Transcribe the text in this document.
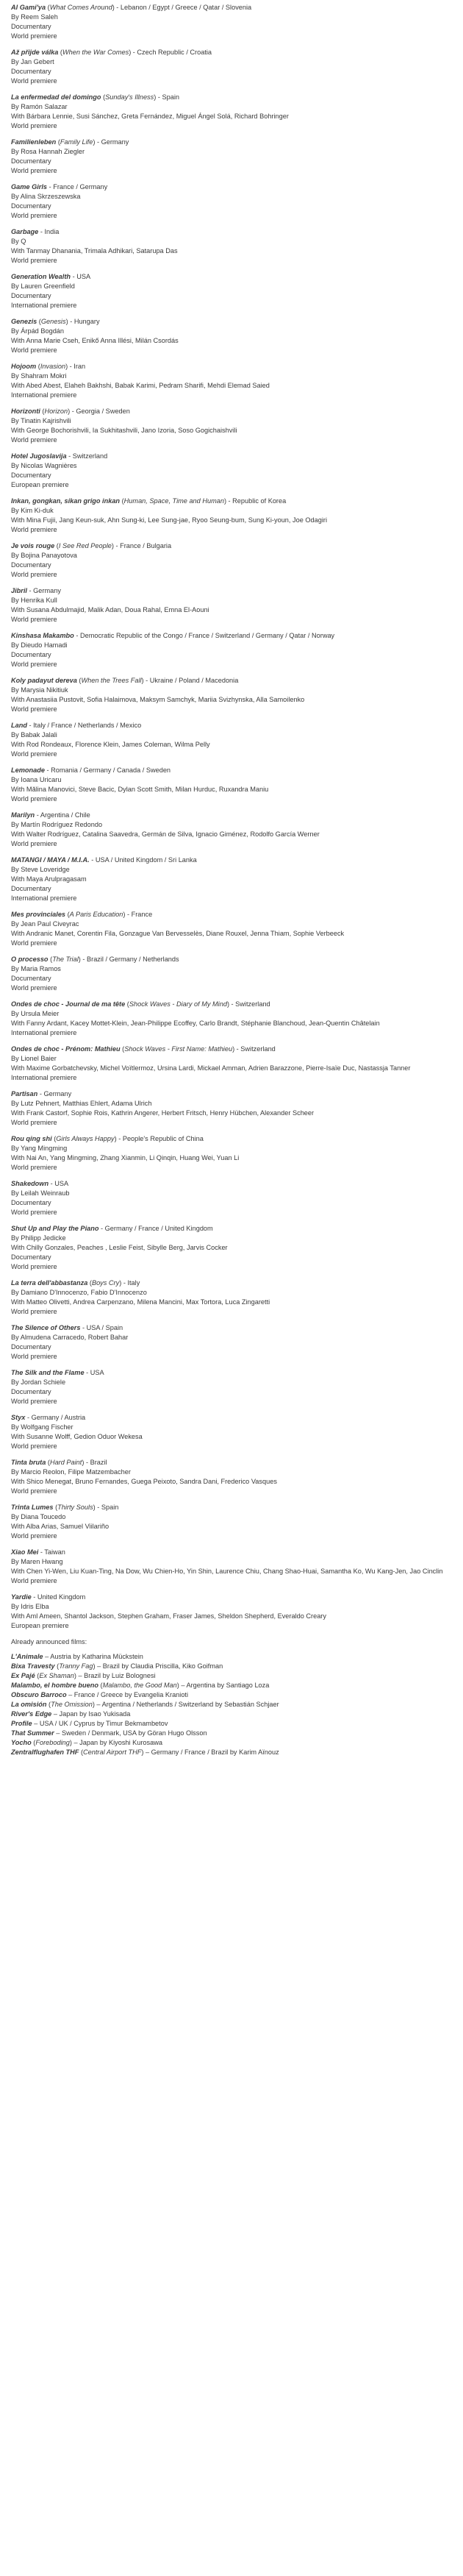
Al Gami'ya (What Comes Around) - Lebanon / Egypt / Greece / Qatar / Slovenia
By Reem Saleh
Documentary
World premiere
Až přijde válka (When the War Comes) - Czech Republic / Croatia
By Jan Gebert
Documentary
World premiere
La enfermedad del domingo (Sunday's Illness) - Spain
By Ramón Salazar
With Bárbara Lennie, Susi Sánchez, Greta Fernández, Miguel Ángel Solá, Richard Bohringer
World premiere
Familienleben (Family Life) - Germany
By Rosa Hannah Ziegler
Documentary
World premiere
Game Girls - France / Germany
By Alina Skrzeszewska
Documentary
World premiere
Garbage - India
By Q
With Tanmay Dhanania, Trimala Adhikari, Satarupa Das
World premiere
Generation Wealth - USA
By Lauren Greenfield
Documentary
International premiere
Genezis (Genesis) - Hungary
By Árpád Bogdán
With Anna Marie Cseh, Enikő Anna Illési, Milán Csordás
World premiere
Hojoom (Invasion) - Iran
By Shahram Mokri
With Abed Abest, Elaheh Bakhshi, Babak Karimi, Pedram Sharifi, Mehdi Elemad Saied
International premiere
Horizonti (Horizon) - Georgia / Sweden
By Tinatin Kajrishvili
With George Bochorishvili, Ia Sukhitashvili, Jano Izoria, Soso Gogichaishvili
World premiere
Hotel Jugoslavija - Switzerland
By Nicolas Wagnières
Documentary
European premiere
Inkan, gongkan, sikan grigo inkan (Human, Space, Time and Human) - Republic of Korea
By Kim Ki-duk
With Mina Fujii, Jang Keun-suk, Ahn Sung-ki, Lee Sung-jae, Ryoo Seung-bum, Sung Ki-youn, Joe Odagiri
World premiere
Je vois rouge (I See Red People) - France / Bulgaria
By Bojina Panayotova
Documentary
World premiere
Jibril - Germany
By Henrika Kull
With Susana Abdulmajid, Malik Adan, Doua Rahal, Emna El-Aouni
World premiere
Kinshasa Makambo - Democratic Republic of the Congo / France / Switzerland / Germany / Qatar / Norway
By Dieudo Hamadi
Documentary
World premiere
Koly padayut dereva (When the Trees Fall) - Ukraine / Poland / Macedonia
By Marysia Nikitiuk
With Anastasiia Pustovit, Sofia Halaimova, Maksym Samchyk, Mariia Svizhynska, Alla Samoilenko
World premiere
Land - Italy / France / Netherlands / Mexico
By Babak Jalali
With Rod Rondeaux, Florence Klein, James Coleman, Wilma Pelly
World premiere
Lemonade - Romania / Germany / Canada / Sweden
By Ioana Uricaru
With Mălina Manovici, Steve Bacic, Dylan Scott Smith, Milan Hurduc, Ruxandra Maniu
World premiere
Marilyn - Argentina / Chile
By Martín Rodríguez Redondo
With Walter Rodríguez, Catalina Saavedra, Germán de Silva, Ignacio Giménez, Rodolfo García Werner
World premiere
MATANGI / MAYA / M.I.A. - USA / United Kingdom / Sri Lanka
By Steve Loveridge
With Maya Arulpragasam
Documentary
International premiere
Mes provinciales (A Paris Education) - France
By Jean Paul Civeyrac
With Andranic Manet, Corentin Fila, Gonzague Van Bervesselès, Diane Rouxel, Jenna Thiam, Sophie Verbeeck
World premiere
O processo (The Trial) - Brazil / Germany / Netherlands
By Maria Ramos
Documentary
World premiere
Ondes de choc - Journal de ma tête (Shock Waves - Diary of My Mind) - Switzerland
By Ursula Meier
With Fanny Ardant, Kacey Mottet-Klein, Jean-Philippe Ecoffey, Carlo Brandt, Stéphanie Blanchoud, Jean-Quentin Châtelain
International premiere
Ondes de choc - Prénom: Mathieu (Shock Waves - First Name: Mathieu) - Switzerland
By Lionel Baier
With Maxime Gorbatchevsky, Michel Voïtlermoz, Ursina Lardi, Mickael Amman, Adrien Barazzone, Pierre-Isaïe Duc, Nastassja Tanner
International premiere
Partisan - Germany
By Lutz Pehnert, Matthias Ehlert, Adama Ulrich
With Frank Castorf, Sophie Rois, Kathrin Angerer, Herbert Fritsch, Henry Hübchen, Alexander Scheer
World premiere
Rou qing shi (Girls Always Happy) - People's Republic of China
By Yang Mingming
With Nai An, Yang Mingming, Zhang Xianmin, Li Qinqin, Huang Wei, Yuan Li
World premiere
Shakedown - USA
By Leilah Weinraub
Documentary
World premiere
Shut Up and Play the Piano - Germany / France / United Kingdom
By Philipp Jedicke
With Chilly Gonzales, Peaches , Leslie Feist, Sibylle Berg, Jarvis Cocker
Documentary
World premiere
La terra dell'abbastanza (Boys Cry) - Italy
By Damiano D'Innocenzo, Fabio D'Innocenzo
With Matteo Olivetti, Andrea Carpenzano, Milena Mancini, Max Tortora, Luca Zingaretti
World premiere
The Silence of Others - USA / Spain
By Almudena Carracedo, Robert Bahar
Documentary
World premiere
The Silk and the Flame - USA
By Jordan Schiele
Documentary
World premiere
Styx - Germany / Austria
By Wolfgang Fischer
With Susanne Wolff, Gedion Oduor Wekesa
World premiere
Tinta bruta (Hard Paint) - Brazil
By Marcio Reolon, Filipe Matzembacher
With Shico Menegat, Bruno Fernandes, Guega Peixoto, Sandra Dani, Frederico Vasques
World premiere
Trinta Lumes (Thirty Souls) - Spain
By Diana Toucedo
With Alba Arias, Samuel Viilariño
World premiere
Xiao Mei - Taiwan
By Maren Hwang
With Chen Yi-Wen, Liu Kuan-Ting, Na Dow, Wu Chien-Ho, Yin Shin, Laurence Chiu, Chang Shao-Huai, Samantha Ko, Wu Kang-Jen, Jao Cinclin
World premiere
Yardie - United Kingdom
By Idris Elba
With Aml Ameen, Shantol Jackson, Stephen Graham, Fraser James, Sheldon Shepherd, Everaldo Creary
European premiere
Already announced films:
L'Animale – Austria by Katharina Mückstein
Bixa Travesty (Tranny Fag) – Brazil by Claudia Priscilla, Kiko Goifman
Ex Pajé (Ex Shaman) – Brazil by Luiz Bolognesi
Malambo, el hombre bueno (Malambo, the Good Man) – Argentina by Santiago Loza
Obscuro Barroco – France / Greece by Evangelia Kranioti
La omisión (The Omission) – Argentina / Netherlands / Switzerland by Sebastián Schjaer
River's Edge – Japan by Isao Yukisada
Profile – USA / UK / Cyprus by Timur Bekmambetov
That Summer – Sweden / Denmark, USA by Göran Hugo Olsson
Yocho (Foreboding) – Japan by Kiyoshi Kurosawa
Zentralflughafen THF (Central Airport THF) – Germany / France / Brazil by Karim Aïnouz
